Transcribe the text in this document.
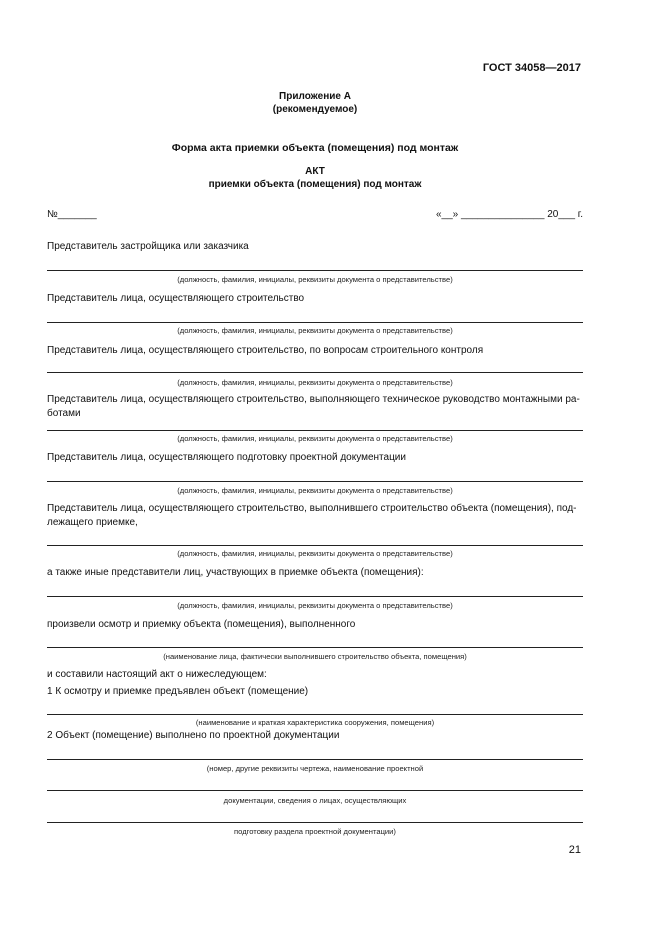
ГОСТ 34058—2017
Приложение А
(рекомендуемое)
Форма акта приемки объекта (помещения) под монтаж
АКТ
приемки объекта (помещения) под монтаж
№_______	«__» _______________ 20___ г.
Представитель застройщика или заказчика
(должность, фамилия, инициалы, реквизиты документа о представительстве)
Представитель лица, осуществляющего строительство
(должность, фамилия, инициалы, реквизиты документа о представительстве)
Представитель лица, осуществляющего строительство, по вопросам строительного контроля
(должность, фамилия, инициалы, реквизиты документа о представительстве)
Представитель лица, осуществляющего строительство, выполняющего техническое руководство монтажными ра-
ботами
(должность, фамилия, инициалы, реквизиты документа о представительстве)
Представитель лица, осуществляющего подготовку проектной документации
(должность, фамилия, инициалы, реквизиты документа о представительстве)
Представитель лица, осуществляющего строительство, выполнившего строительство объекта (помещения), под-
лежащего приемке,
(должность, фамилия, инициалы, реквизиты документа о представительстве)
а также иные представители лиц, участвующих в приемке объекта (помещения):
(должность, фамилия, инициалы, реквизиты документа о представительстве)
произвели осмотр и приемку объекта (помещения), выполненного
(наименование лица, фактически выполнившего строительство объекта, помещения)
и составили настоящий акт о нижеследующем:
1 К осмотру и приемке предъявлен объект (помещение)
(наименование и краткая характеристика сооружения, помещения)
2 Объект (помещение) выполнено по проектной документации
(номер, другие реквизиты чертежа, наименование проектной
документации, сведения о лицах, осуществляющих
подготовку раздела проектной документации)
21
